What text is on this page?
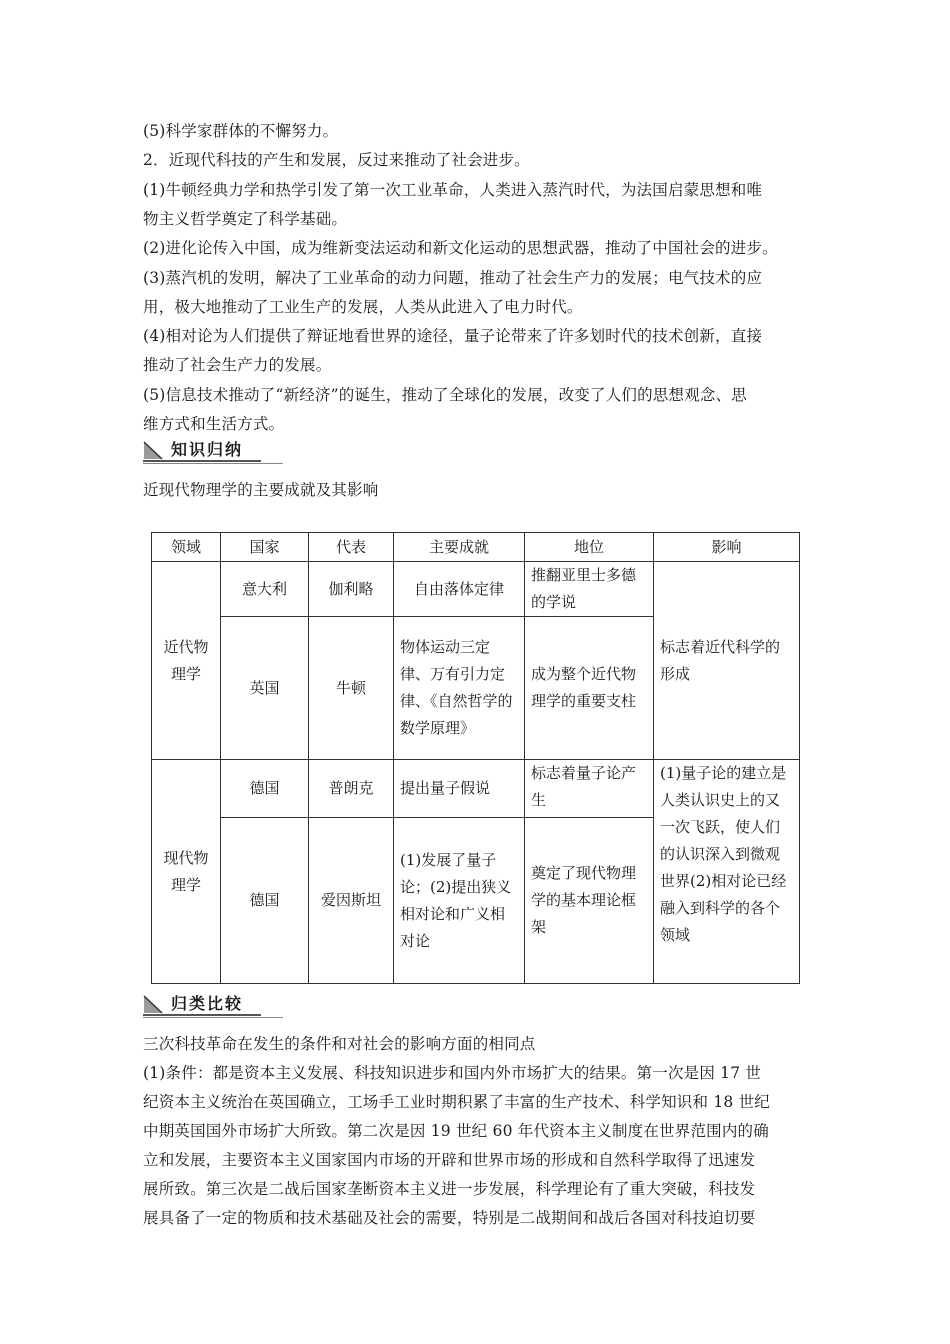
(5)科学家群体的不懈努力。
2．近现代科技的产生和发展，反过来推动了社会进步。
(1)牛顿经典力学和热学引发了第一次工业革命，人类进入蒸汽时代，为法国启蒙思想和唯
物主义哲学奠定了科学基础。
(2)进化论传入中国，成为维新变法运动和新文化运动的思想武器，推动了中国社会的进步。
(3)蒸汽机的发明，解决了工业革命的动力问题，推动了社会生产力的发展；电气技术的应
用，极大地推动了工业生产的发展，人类从此进入了电力时代。
(4)相对论为人们提供了辩证地看世界的途径，量子论带来了许多划时代的技术创新，直接
推动了社会生产力的发展。
(5)信息技术推动了“新经济”的诞生，推动了全球化的发展，改变了人们的思想观念、思
维方式和生活方式。
知识归纳
近现代物理学的主要成就及其影响
领域	国家	代表	主要成就	地位	影响
近代物理学	意大利	伽利略	自由落体定律	推翻亚里士多德的学说	标志着近代科学的形成
	英国	牛顿	物体运动三定律、万有引力定律、《自然哲学的数学原理》	成为整个近代物理学的重要支柱	
现代物理学	德国	普朗克	提出量子假说	标志着量子论产生	(1)量子论的建立是人类认识史上的又一次飞跃，使人们的认识深入到微观世界(2)相对论已经融入到科学的各个领域
	德国	爱因斯坦	(1)发展了量子论；(2)提出狭义相对论和广义相对论	奠定了现代物理学的基本理论框架	
归类比较
三次科技革命在发生的条件和对社会的影响方面的相同点
(1)条件：都是资本主义发展、科技知识进步和国内外市场扩大的结果。第一次是因 17 世
纪资本主义统治在英国确立，工场手工业时期积累了丰富的生产技术、科学知识和 18 世纪
中期英国国外市场扩大所致。第二次是因 19 世纪 60 年代资本主义制度在世界范围内的确
立和发展，主要资本主义国家国内市场的开辟和世界市场的形成和自然科学取得了迅速发
展所致。第三次是二战后国家垄断资本主义进一步发展，科学理论有了重大突破，科技发
展具备了一定的物质和技术基础及社会的需要，特别是二战期间和战后各国对科技迫切要
